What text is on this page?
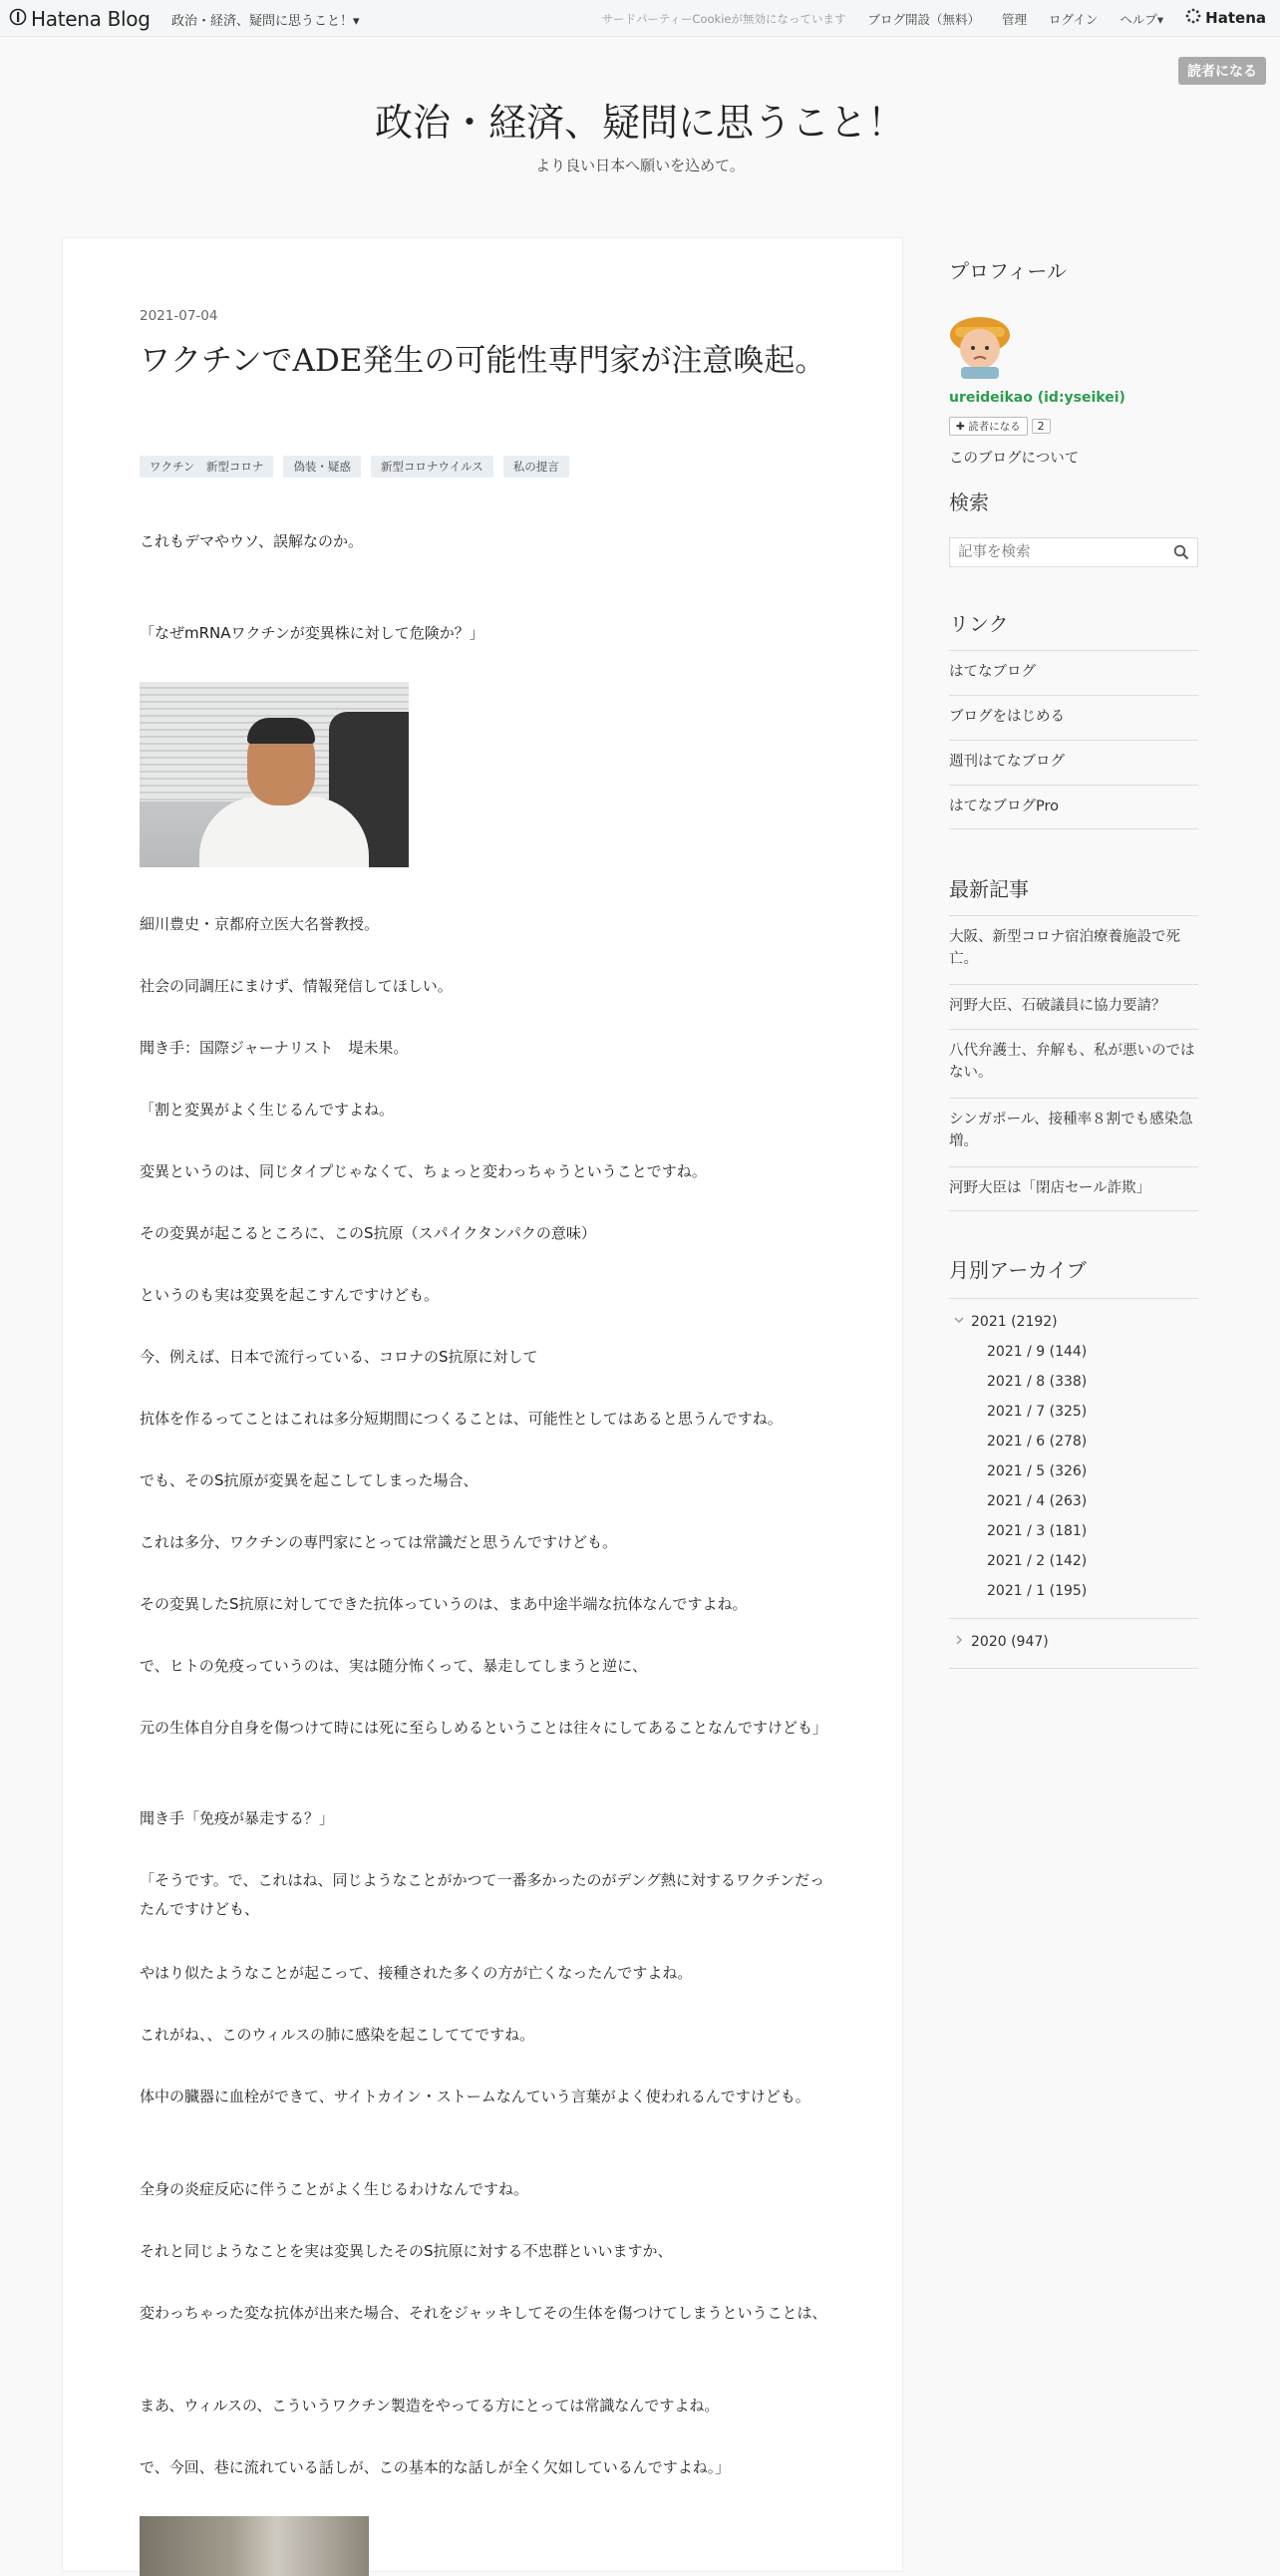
Hatena Blog 政治・経済、疑問に思うこと！▾	サードパーティーCookieが無効になっています ブログ開設（無料） 管理 ログイン ヘルプ▾	Hatena
読者になる
政治・経済、疑問に思うこと！
より良い日本へ願いを込めて。
2021-07-04
ワクチンでADE発生の可能性専門家が注意喚起。
ワクチン　新型コロナ	偽装・疑惑	新型コロナウイルス	私の提言
これもデマやウソ、誤解なのか。
「なぜmRNAワクチンが変異株に対して危険か？」
細川豊史・京都府立医大名誉教授。
社会の同調圧にまけず、情報発信してほしい。
聞き手：国際ジャーナリスト　堤未果。
「割と変異がよく生じるんですよね。
変異というのは、同じタイプじゃなくて、ちょっと変わっちゃうということですね。
その変異が起こるところに、このS抗原（スパイクタンパクの意味）
というのも実は変異を起こすんですけども。
今、例えば、日本で流行っている、コロナのS抗原に対して
抗体を作るってことはこれは多分短期間につくることは、可能性としてはあると思うんですね。
でも、そのS抗原が変異を起こしてしまった場合、
これは多分、ワクチンの専門家にとっては常識だと思うんですけども。
その変異したS抗原に対してできた抗体っていうのは、まあ中途半端な抗体なんですよね。
で、ヒトの免疫っていうのは、実は随分怖くって、暴走してしまうと逆に、
元の生体自分自身を傷つけて時には死に至らしめるということは往々にしてあることなんですけども」
聞き手「免疫が暴走する？」
「そうです。で、これはね、同じようなことがかつて一番多かったのがデング熱に対するワクチンだったんですけども、
やはり似たようなことが起こって、接種された多くの方が亡くなったんですよね。
これがね、、このウィルスの肺に感染を起こしててですね。
体中の臓器に血栓ができて、サイトカイン・ストームなんていう言葉がよく使われるんですけども。
全身の炎症反応に伴うことがよく生じるわけなんですね。
それと同じようなことを実は変異したそのS抗原に対する不忠群といいますか、
変わっちゃった変な抗体が出来た場合、それをジャッキしてその生体を傷つけてしまうということは、
まあ、ウィルスの、こういうワクチン製造をやってる方にとっては常識なんですよね。
で、今回、巷に流れている話しが、この基本的な話しが全く欠如しているんですよね。」
プロフィール
ureideikao (id:yseikei)
✚ 読者になる	2
このブログについて
検索
記事を検索
リンク
はてなブログ
ブログをはじめる
週刊はてなブログ
はてなブログPro
最新記事
大阪、新型コロナ宿泊療養施設で死亡。
河野大臣、石破議員に協力要請？
八代弁護士、弁解も、私が悪いのではない。
シンガポール、接種率８割でも感染急増。
河野大臣は「閉店セール詐欺」
月別アーカイブ
2021 (2192)
2021 / 9 (144)
2021 / 8 (338)
2021 / 7 (325)
2021 / 6 (278)
2021 / 5 (326)
2021 / 4 (263)
2021 / 3 (181)
2021 / 2 (142)
2021 / 1 (195)
2020 (947)
